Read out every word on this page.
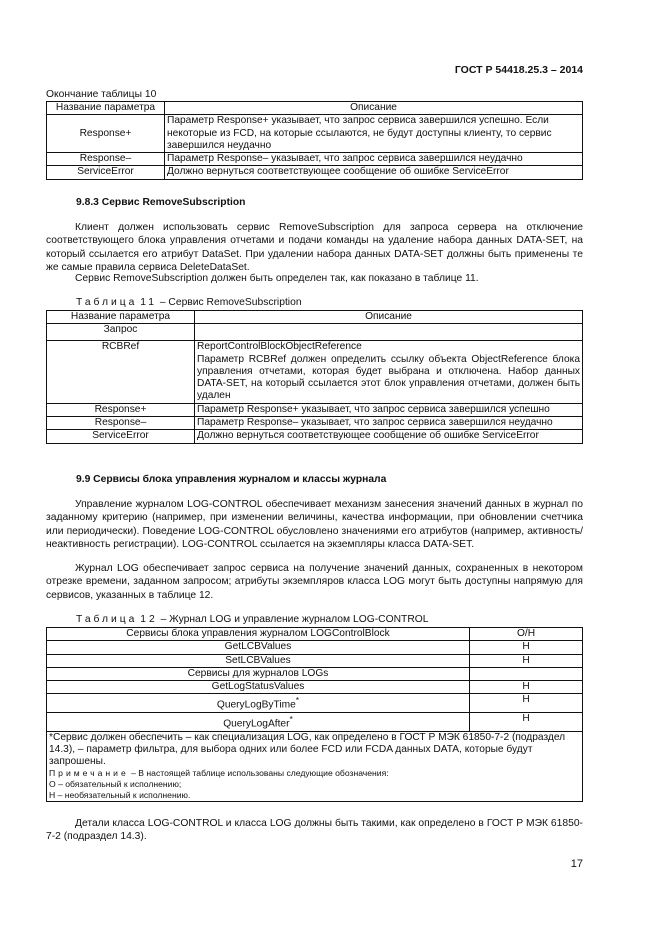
ГОСТ Р 54418.25.3 – 2014
Окончание таблицы 10
Название параметра	Описание
Response+	Параметр Response+ указывает, что запрос сервиса завершился успешно. Если некоторые из FCD, на которые ссылаются, не будут доступны клиенту, то сервис завершился неудачно
Response–	Параметр Response– указывает, что запрос сервиса завершился неудачно
ServiceError	Должно вернуться соответствующее сообщение об ошибке ServiceError
9.8.3 Сервис RemoveSubscription
Клиент должен использовать сервис RemoveSubscription для запроса сервера на отключение соответствующего блока управления отчетами и подачи команды на удаление набора данных DATA-SET, на который ссылается его атрибут DataSet. При удалении набора данных DATA-SET должны быть применены те же самые правила сервиса DeleteDataSet.
Сервис RemoveSubscription должен быть определен так, как показано в таблице 11.
Таблица 11 – Сервис RemoveSubscription
Название параметра	Описание
Запрос	
RCBRef	ReportControlBlockObjectReference
Параметр RCBRef должен определить ссылку объекта ObjectReference блока управления отчетами, которая будет выбрана и отключена. Набор данных DATA-SET, на который ссылается этот блок управления отчетами, должен быть удален

Response+	Параметр Response+ указывает, что запрос сервиса завершился успешно
Response–	Параметр Response– указывает, что запрос сервиса завершился неудачно
ServiceError	Должно вернуться соответствующее сообщение об ошибке ServiceError
9.9 Сервисы блока управления журналом и классы журнала
Управление журналом LOG-CONTROL обеспечивает механизм занесения значений данных в журнал по заданному критерию (например, при изменении величины, качества информации, при обновлении счетчика или периодически). Поведение LOG-CONTROL обусловлено значениями его атрибутов (например, активность/неактивность регистрации). LOG-CONTROL ссылается на экземпляры класса DATA-SET.
Журнал LOG обеспечивает запрос сервиса на получение значений данных, сохраненных в некотором отрезке времени, заданном запросом; атрибуты экземпляров класса LOG могут быть доступны напрямую для сервисов, указанных в таблице 12.
Таблица 12 – Журнал LOG и управление журналом LOG-CONTROL
Сервисы блока управления журналом LOGControlBlock	О/Н
GetLCBValues	Н
SetLCBValues	Н
Сервисы для журналов LOGs	
GetLogStatusValues	Н
QueryLogByTime*	Н
QueryLogAfter*	Н

*Сервис должен обеспечить – как специализация LOG, как определено в ГОСТ Р МЭК 61850-7-2 (подраздел 14.3), – параметр фильтра, для выбора одних или более FCD или FCDA данных DATA, которые будут запрошены.
Примечание – В настоящей таблице использованы следующие обозначения:
О – обязательный к исполнению;
Н – необязательный к исполнению.	
Детали класса LOG-CONTROL и класса LOG должны быть такими, как определено в ГОСТ Р МЭК 61850-7-2 (подраздел 14.3).
17
